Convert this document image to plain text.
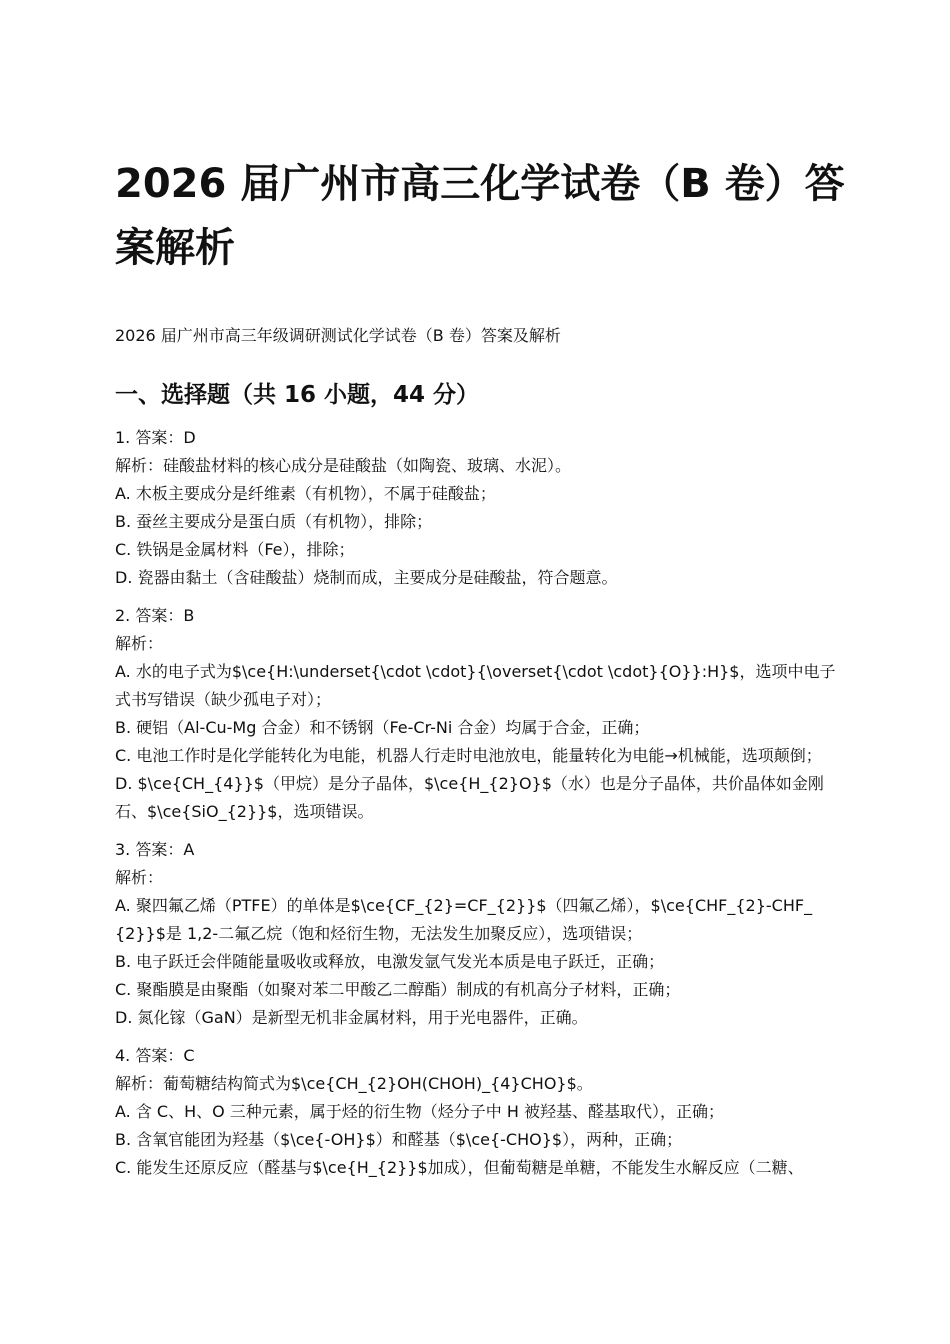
2026 届广州市高三化学试卷（B 卷）答案解析

2026 届广州市高三年级调研测试化学试卷（B 卷）答案及解析

一、选择题（共 16 小题，44 分）

1. 答案：D

解析：硅酸盐材料的核心成分是硅酸盐（如陶瓷、玻璃、水泥）。

A. 木板主要成分是纤维素（有机物），不属于硅酸盐；

B. 蚕丝主要成分是蛋白质（有机物），排除；

C. 铁锅是金属材料（Fe），排除；

D. 瓷器由黏土（含硅酸盐）烧制而成，主要成分是硅酸盐，符合题意。

2. 答案：B

解析：

A. 水的电子式为$\ce{H:\underset{\cdot \cdot}{\overset{\cdot \cdot}{O}}:H}$，选项中电子式书写错误（缺少孤电子对）；

B. 硬铝（Al-Cu-Mg 合金）和不锈钢（Fe-Cr-Ni 合金）均属于合金，正确；

C. 电池工作时是化学能转化为电能，机器人行走时电池放电，能量转化为电能→机械能，选项颠倒；

D. $\ce{CH_{4}}$（甲烷）是分子晶体，$\ce{H_{2}O}$（水）也是分子晶体，共价晶体如金刚石、$\ce{SiO_{2}}$，选项错误。

3. 答案：A

解析：

A. 聚四氟乙烯（PTFE）的单体是$\ce{CF_{2}=CF_{2}}$（四氟乙烯），$\ce{CHF_{2}-CHF_{2}}$是 1,2-二氟乙烷（饱和烃衍生物，无法发生加聚反应），选项错误；

B. 电子跃迁会伴随能量吸收或释放，电激发氩气发光本质是电子跃迁，正确；

C. 聚酯膜是由聚酯（如聚对苯二甲酸乙二醇酯）制成的有机高分子材料，正确；

D. 氮化镓（GaN）是新型无机非金属材料，用于光电器件，正确。

4. 答案：C

解析：葡萄糖结构简式为$\ce{CH_{2}OH(CHOH)_{4}CHO}$。

A. 含 C、H、O 三种元素，属于烃的衍生物（烃分子中 H 被羟基、醛基取代），正确；

B. 含氧官能团为羟基（$\ce{-OH}$）和醛基（$\ce{-CHO}$），两种，正确；

C. 能发生还原反应（醛基与$\ce{H_{2}}$加成），但葡萄糖是单糖，不能发生水解反应（二糖、
